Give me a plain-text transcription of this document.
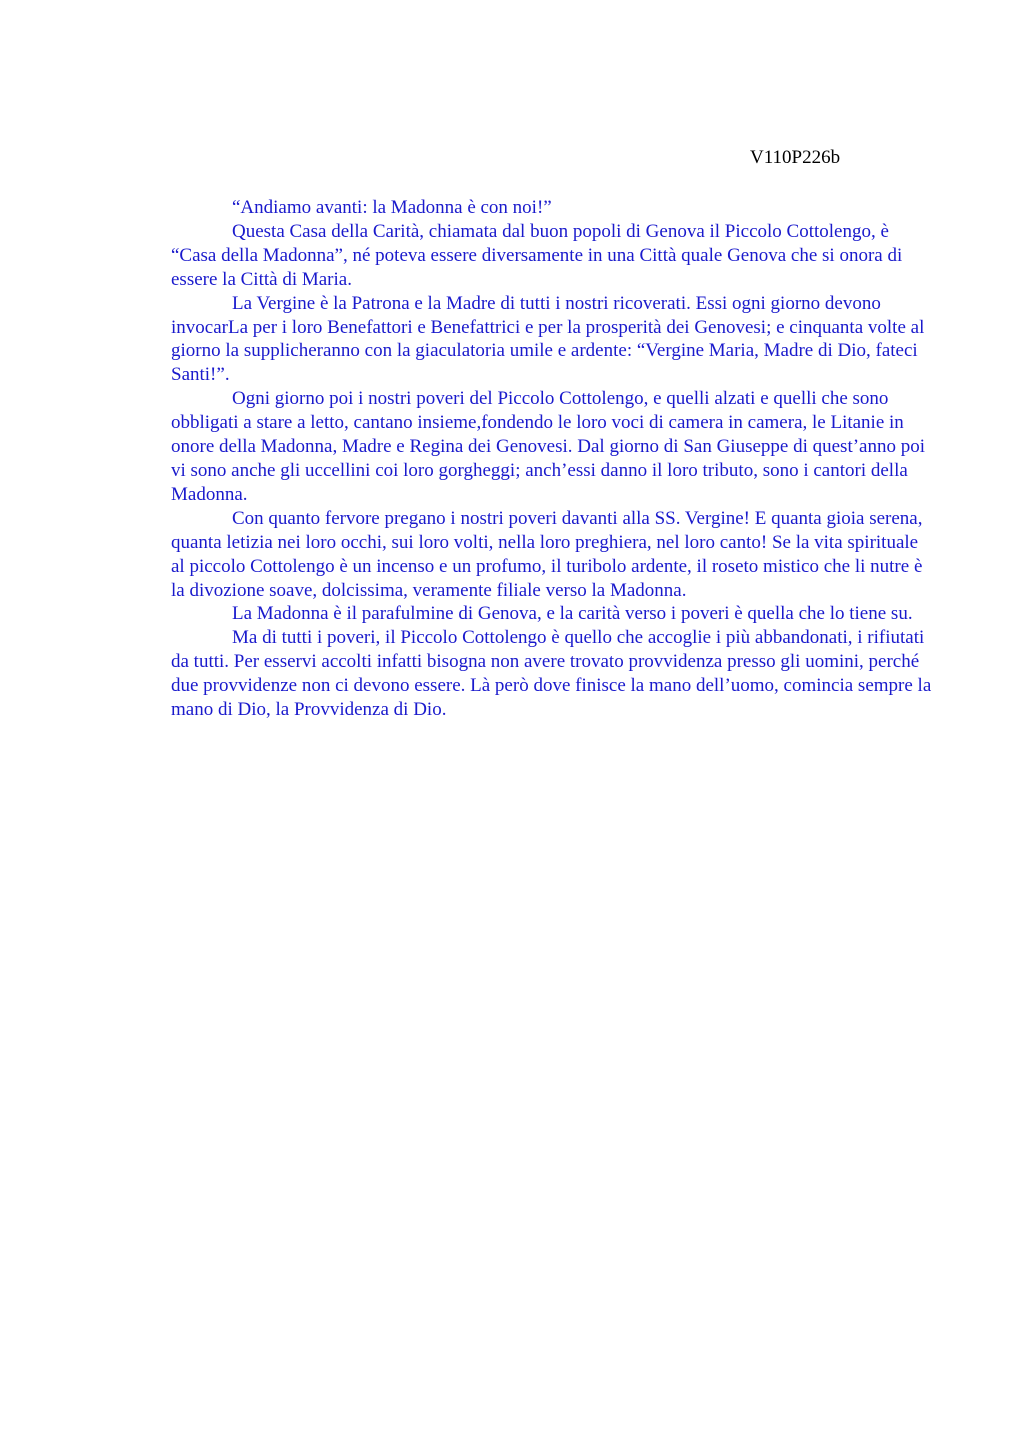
V110P226b

“Andiamo avanti: la Madonna è con noi!”

Questa Casa della Carità, chiamata dal buon popoli di Genova il Piccolo Cottolengo, è “Casa della Madonna”, né poteva essere diversamente in una Città quale Genova che si onora di essere la Città di Maria.

La Vergine è la Patrona e la Madre di tutti i nostri ricoverati. Essi ogni giorno devono invocarLa per i loro Benefattori e Benefattrici e per la prosperità dei Genovesi; e cinquanta volte al giorno la supplicheranno con la giaculatoria umile e ardente: “Vergine Maria, Madre di Dio, fateci Santi!”.

Ogni giorno poi i nostri poveri del Piccolo Cottolengo, e quelli alzati e quelli che sono obbligati a stare a letto, cantano insieme,fondendo le loro voci di camera in camera, le Litanie in onore della Madonna, Madre e Regina dei Genovesi. Dal giorno di San Giuseppe di quest’anno poi vi sono anche gli uccellini coi loro gorgheggi; anch’essi danno il loro tributo, sono i cantori della Madonna.

Con quanto fervore pregano i nostri poveri davanti alla SS. Vergine! E quanta gioia serena, quanta letizia nei loro occhi, sui loro volti, nella loro preghiera, nel loro canto! Se la vita spirituale al piccolo Cottolengo è un incenso e un profumo, il turibolo ardente, il roseto mistico che li nutre è la divozione soave, dolcissima, veramente filiale verso la Madonna.

La Madonna è il parafulmine di Genova, e la carità verso i poveri è quella che lo tiene su.

Ma di tutti i poveri, il Piccolo Cottolengo è quello che accoglie i più abbandonati, i rifiutati da tutti. Per esservi accolti infatti bisogna non avere trovato provvidenza presso gli uomini, perché due provvidenze non ci devono essere. Là però dove finisce la mano dell’uomo, comincia sempre la mano di Dio, la Provvidenza di Dio.
